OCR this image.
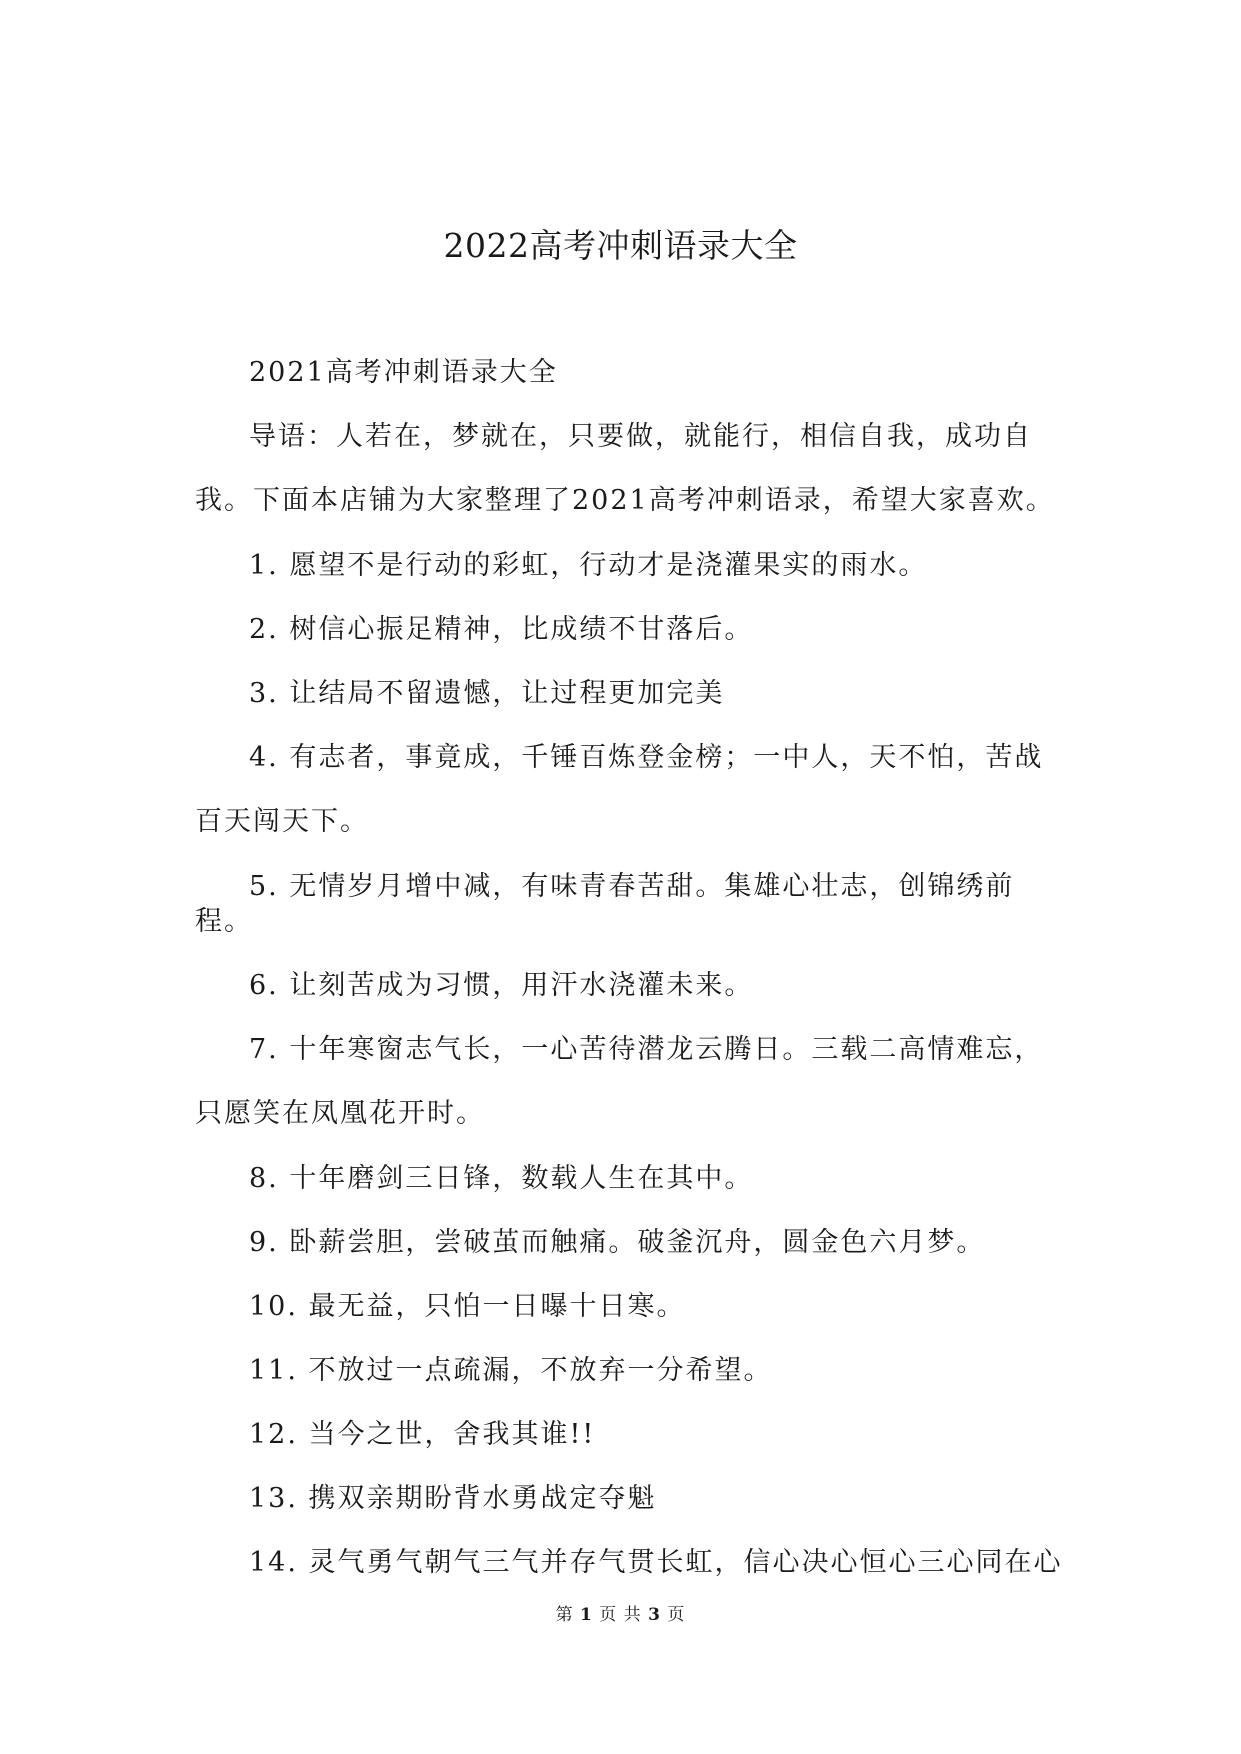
2022高考冲刺语录大全

2021高考冲刺语录大全

导语：人若在，梦就在，只要做，就能行，相信自我，成功自我。下面本店铺为大家整理了2021高考冲刺语录，希望大家喜欢。

1. 愿望不是行动的彩虹，行动才是浇灌果实的雨水。

2. 树信心振足精神，比成绩不甘落后。

3. 让结局不留遗憾，让过程更加完美

4. 有志者，事竟成，千锤百炼登金榜；一中人，天不怕，苦战百天闯天下。

5. 无情岁月增中减，有味青春苦甜。集雄心壮志，创锦绣前程。

6. 让刻苦成为习惯，用汗水浇灌未来。

7. 十年寒窗志气长，一心苦待潜龙云腾日。三载二高情难忘，只愿笑在凤凰花开时。

8. 十年磨剑三日锋，数载人生在其中。

9. 卧薪尝胆，尝破茧而触痛。破釜沉舟，圆金色六月梦。

10. 最无益，只怕一日曝十日寒。

11. 不放过一点疏漏，不放弃一分希望。

12. 当今之世，舍我其谁!!

13. 携双亲期盼背水勇战定夺魁

14. 灵气勇气朝气三气并存气贯长虹，信心决心恒心三心同在心

第 1 页 共 3 页
